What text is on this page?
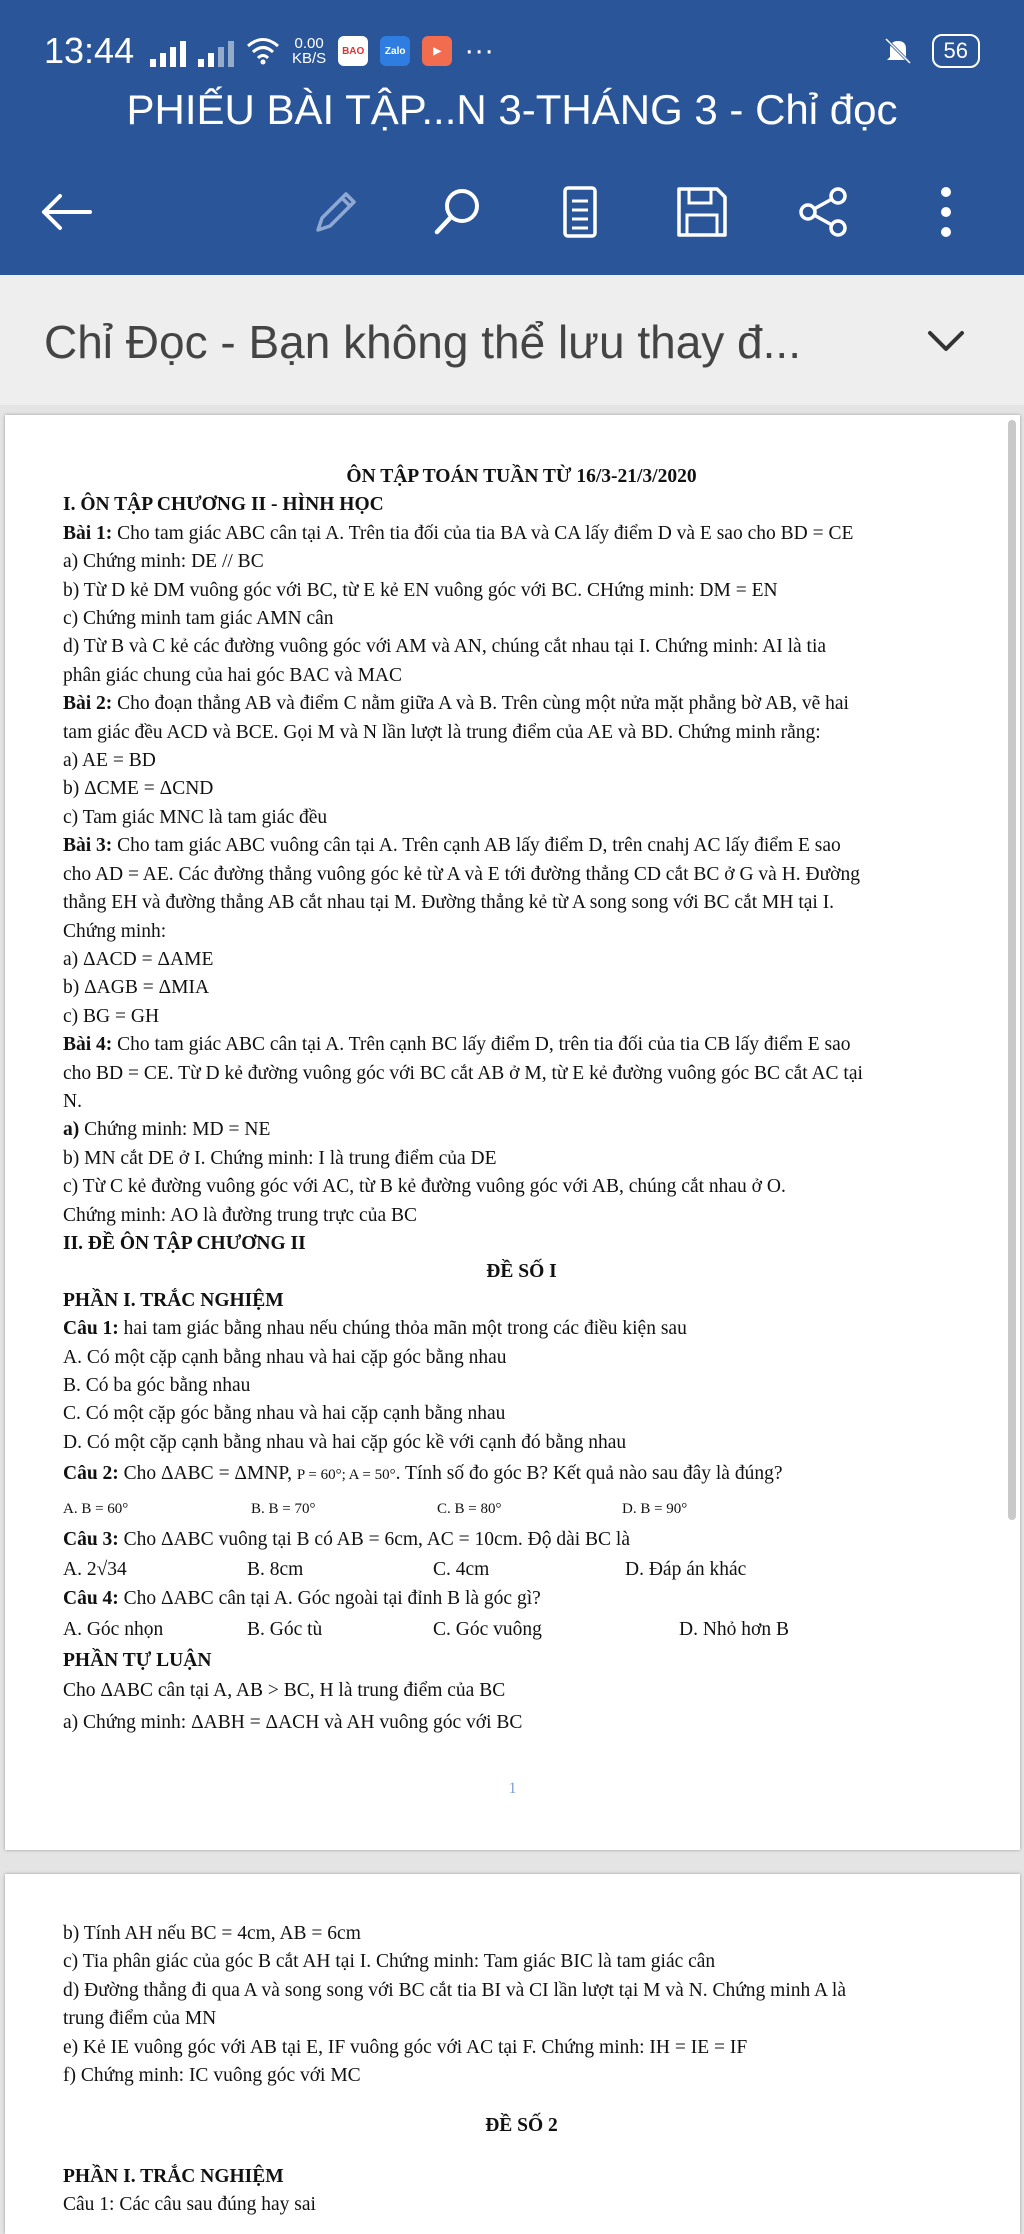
13:44	0.00
KB/S	BAO	Zalo	▶ ···	56
PHIẾU BÀI TẬP...N 3-THÁNG 3 - Chỉ đọc
Chỉ Đọc - Bạn không thể lưu thay đ...
ÔN TẬP TOÁN TUẦN TỪ 16/3-21/3/2020
I. ÔN TẬP CHƯƠNG II - HÌNH HỌC
Bài 1: Cho tam giác ABC cân tại A. Trên tia đối của tia BA và CA lấy điểm D và E sao cho BD = CE
a) Chứng minh: DE // BC
b) Từ D kẻ DM vuông góc với BC, từ E kẻ EN vuông góc với BC. CHứng minh: DM = EN
c) Chứng minh tam giác AMN cân
d) Từ B và C kẻ các đường vuông góc với AM và AN, chúng cắt nhau tại I. Chứng minh: AI là tia
phân giác chung của hai góc BAC và MAC
Bài 2: Cho đoạn thẳng AB và điểm C nằm giữa A và B. Trên cùng một nửa mặt phẳng bờ AB, vẽ hai
tam giác đều ACD và BCE. Gọi M và N lần lượt là trung điểm của AE và BD. Chứng minh rằng:
a) AE = BD
b) ΔCME = ΔCND
c) Tam giác MNC là tam giác đều
Bài 3: Cho tam giác ABC vuông cân tại A. Trên cạnh AB lấy điểm D, trên cnahj AC lấy điểm E sao
cho AD = AE. Các đường thẳng vuông góc kẻ từ A và E tới đường thẳng CD cắt BC ở G và H. Đường
thẳng EH và đường thẳng AB cắt nhau tại M. Đường thẳng kẻ từ A song song với BC cắt MH tại I.
Chứng minh:
a) ΔACD = ΔAME
b) ΔAGB = ΔMIA
c) BG = GH
Bài 4: Cho tam giác ABC cân tại A. Trên cạnh BC lấy điểm D, trên tia đối của tia CB lấy điểm E sao
cho BD = CE. Từ D kẻ đường vuông góc với BC cắt AB ở M, từ E kẻ đường vuông góc BC cắt AC tại
N.
a) Chứng minh: MD = NE
b) MN cắt DE ở I. Chứng minh: I là trung điểm của DE
c) Từ C kẻ đường vuông góc với AC, từ B kẻ đường vuông góc với AB, chúng cắt nhau ở O.
Chứng minh: AO là đường trung trực của BC
II. ĐỀ ÔN TẬP CHƯƠNG II
ĐỀ SỐ I
PHẦN I. TRẮC NGHIỆM
Câu 1: hai tam giác bằng nhau nếu chúng thỏa mãn một trong các điều kiện sau
A. Có một cặp cạnh bằng nhau và hai cặp góc bằng nhau
B. Có ba góc bằng nhau
C. Có một cặp góc bằng nhau và hai cặp cạnh bằng nhau
D. Có một cặp cạnh bằng nhau và hai cặp góc kề với cạnh đó bằng nhau
Câu 2: Cho ΔABC = ΔMNP, P = 60°; A = 50°. Tính số đo góc B? Kết quả nào sau đây là đúng?
A. B = 60°	B. B = 70°	C. B = 80°	D. B = 90°
Câu 3: Cho ΔABC vuông tại B có AB = 6cm, AC = 10cm. Độ dài BC là
A. 2√34	B. 8cm	C. 4cm	D. Đáp án khác
Câu 4: Cho ΔABC cân tại A. Góc ngoài tại đỉnh B là góc gì?
A. Góc nhọn	B. Góc tù	C. Góc vuông	D. Nhỏ hơn B
PHẦN TỰ LUẬN
Cho ΔABC cân tại A, AB > BC, H là trung điểm của BC
a) Chứng minh: ΔABH = ΔACH và AH vuông góc với BC
1
b) Tính AH nếu BC = 4cm, AB = 6cm
c) Tia phân giác của góc B cắt AH tại I. Chứng minh: Tam giác BIC là tam giác cân
d) Đường thẳng đi qua A và song song với BC cắt tia BI và CI lần lượt tại M và N. Chứng minh A là
trung điểm của MN
e) Kẻ IE vuông góc với AB tại E, IF vuông góc với AC tại F. Chứng minh: IH = IE = IF
f) Chứng minh: IC vuông góc với MC
ĐỀ SỐ 2
PHẦN I. TRẮC NGHIỆM
Câu 1: Các câu sau đúng hay sai
